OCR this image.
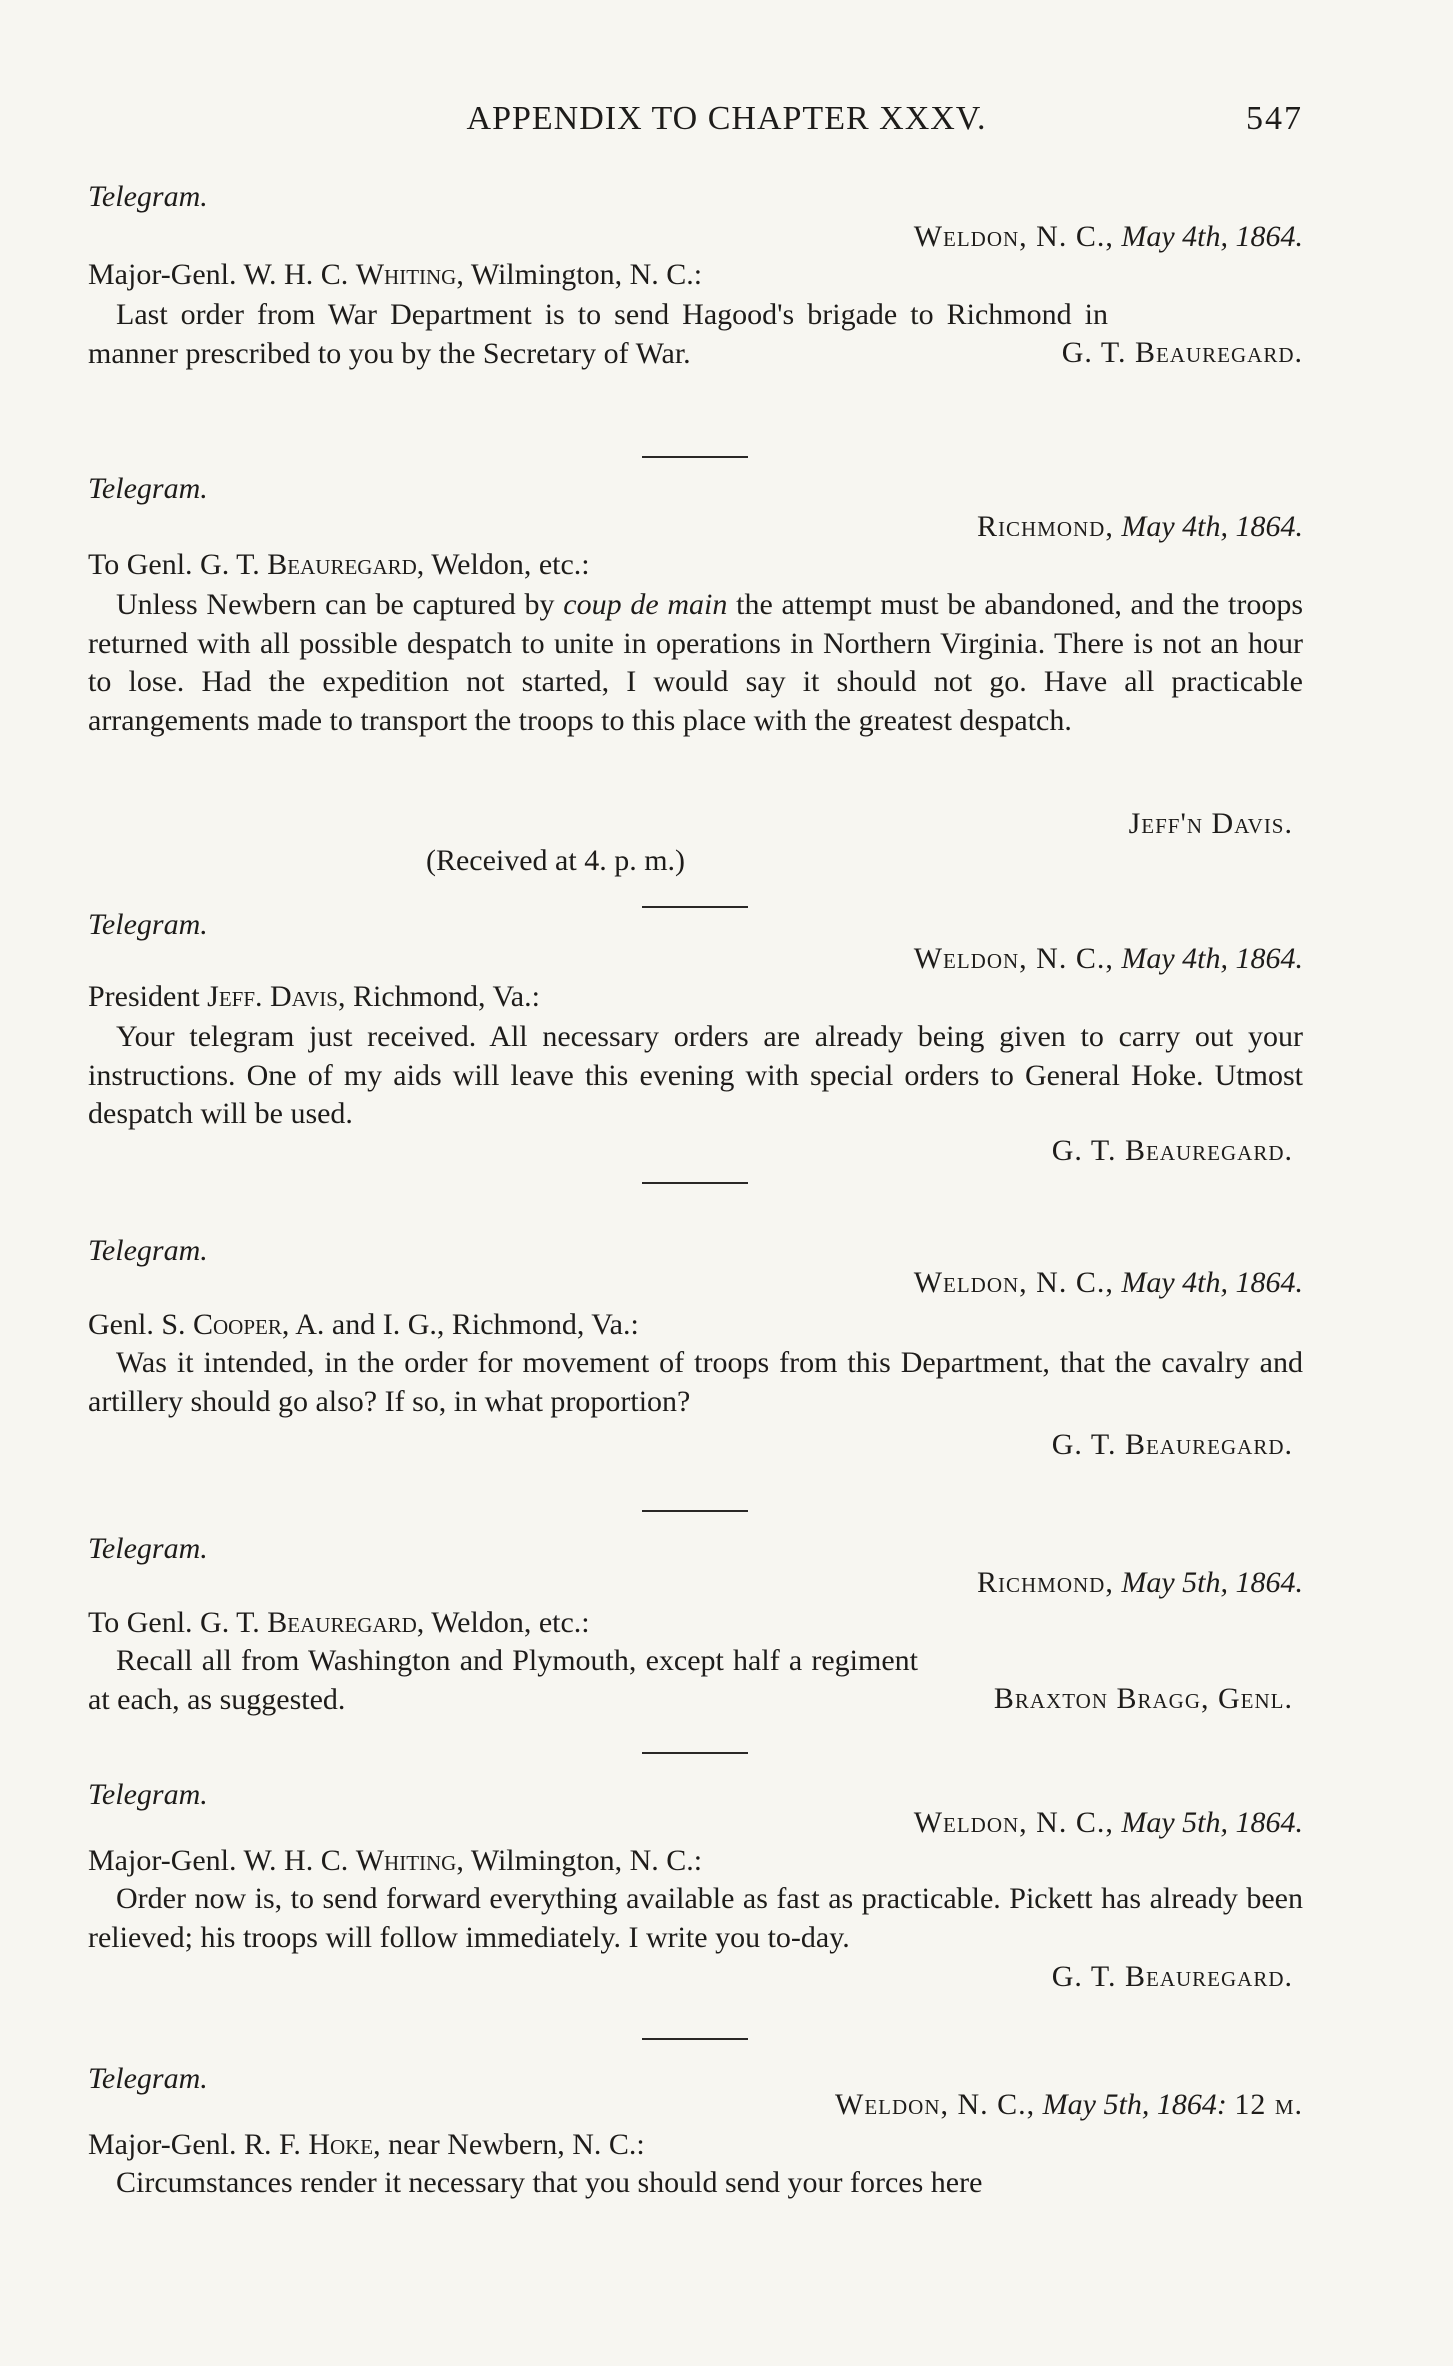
APPENDIX TO CHAPTER XXXV.	547
Telegram.
Weldon, N. C., May 4th, 1864.
Major-Genl. W. H. C. Whiting, Wilmington, N. C.:
Last order from War Department is to send Hagood's brigade to Richmond in manner prescribed to you by the Secretary of War.	G. T. Beauregard.
Telegram.
Richmond, May 4th, 1864.
To Genl. G. T. Beauregard, Weldon, etc.:
Unless Newbern can be captured by coup de main the attempt must be abandoned, and the troops returned with all possible despatch to unite in operations in Northern Virginia. There is not an hour to lose. Had the expedition not started, I would say it should not go. Have all practicable arrangements made to transport the troops to this place with the greatest despatch.
Jeff'n Davis.
(Received at 4. p. m.)
Telegram.
Weldon, N. C., May 4th, 1864.
President Jeff. Davis, Richmond, Va.:
Your telegram just received. All necessary orders are already being given to carry out your instructions. One of my aids will leave this evening with special orders to General Hoke. Utmost despatch will be used.
G. T. Beauregard.
Telegram.
Weldon, N. C., May 4th, 1864.
Genl. S. Cooper, A. and I. G., Richmond, Va.:
Was it intended, in the order for movement of troops from this Department, that the cavalry and artillery should go also? If so, in what proportion?
G. T. Beauregard.
Telegram.
Richmond, May 5th, 1864.
To Genl. G. T. Beauregard, Weldon, etc.:
Recall all from Washington and Plymouth, except half a regiment at each, as suggested.	Braxton Bragg, Genl.
Telegram.
Weldon, N. C., May 5th, 1864.
Major-Genl. W. H. C. Whiting, Wilmington, N. C.:
Order now is, to send forward everything available as fast as practicable. Pickett has already been relieved; his troops will follow immediately. I write you to-day.
G. T. Beauregard.
Telegram.
Weldon, N. C., May 5th, 1864: 12 m.
Major-Genl. R. F. Hoke, near Newbern, N. C.:
Circumstances render it necessary that you should send your forces here
